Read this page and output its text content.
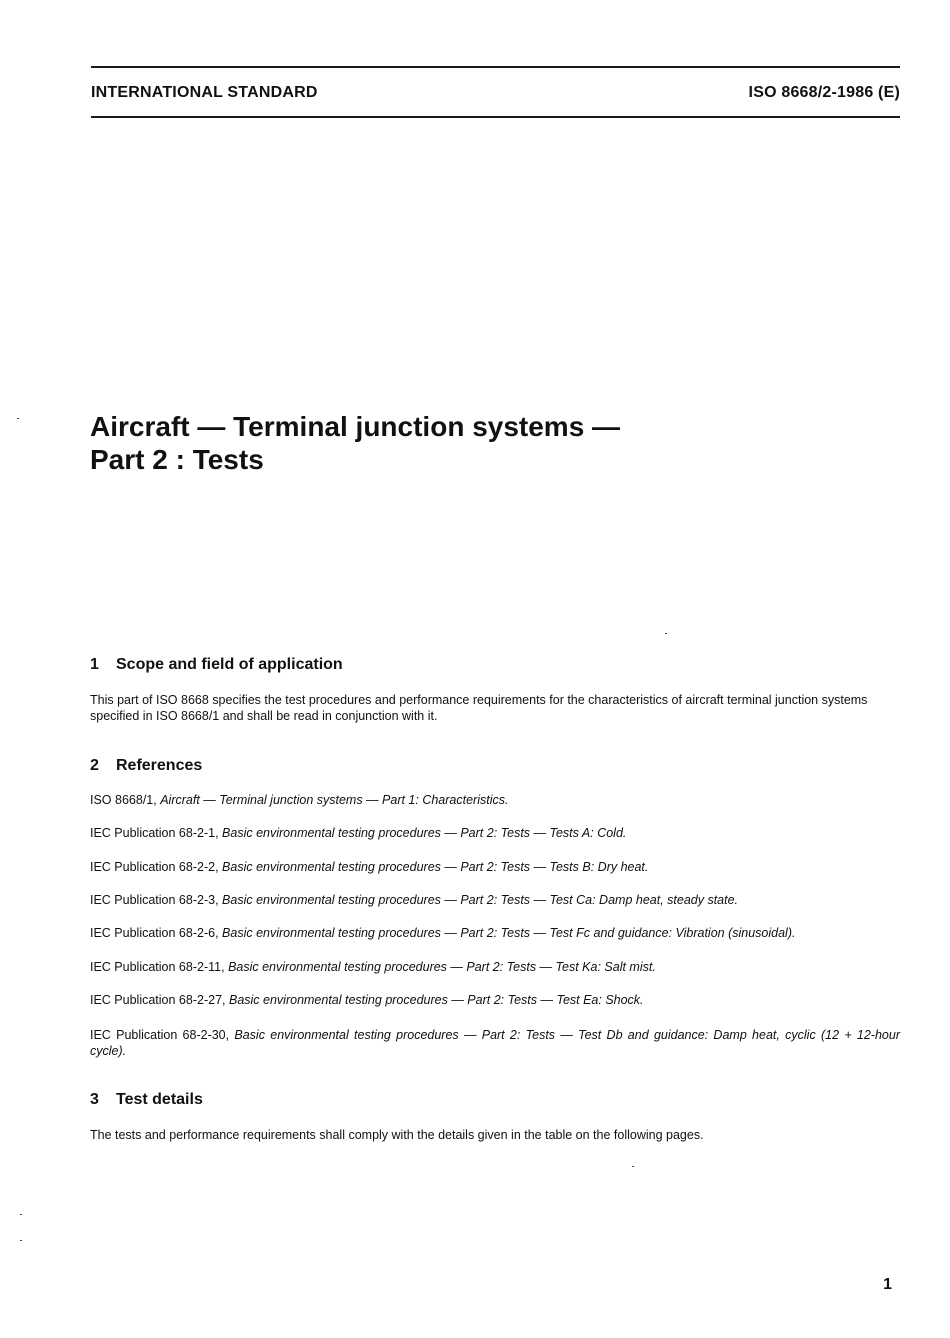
INTERNATIONAL STANDARD	ISO 8668/2-1986 (E)
Aircraft — Terminal junction systems —
Part 2 : Tests
1 Scope and field of application

This part of ISO 8668 specifies the test procedures and performance requirements for the characteristics of aircraft terminal junction systems specified in ISO 8668/1 and shall be read in conjunction with it.

2 References

ISO 8668/1, Aircraft — Terminal junction systems — Part 1: Characteristics.

IEC Publication 68-2-1, Basic environmental testing procedures — Part 2: Tests — Tests A: Cold.

IEC Publication 68-2-2, Basic environmental testing procedures — Part 2: Tests — Tests B: Dry heat.

IEC Publication 68-2-3, Basic environmental testing procedures — Part 2: Tests — Test Ca: Damp heat, steady state.

IEC Publication 68-2-6, Basic environmental testing procedures — Part 2: Tests — Test Fc and guidance: Vibration (sinusoidal).

IEC Publication 68-2-11, Basic environmental testing procedures — Part 2: Tests — Test Ka: Salt mist.

IEC Publication 68-2-27, Basic environmental testing procedures — Part 2: Tests — Test Ea: Shock.

IEC Publication 68-2-30, Basic environmental testing procedures — Part 2: Tests — Test Db and guidance: Damp heat, cyclic (12 + 12-hour cycle).

3 Test details

The tests and performance requirements shall comply with the details given in the table on the following pages.

1
